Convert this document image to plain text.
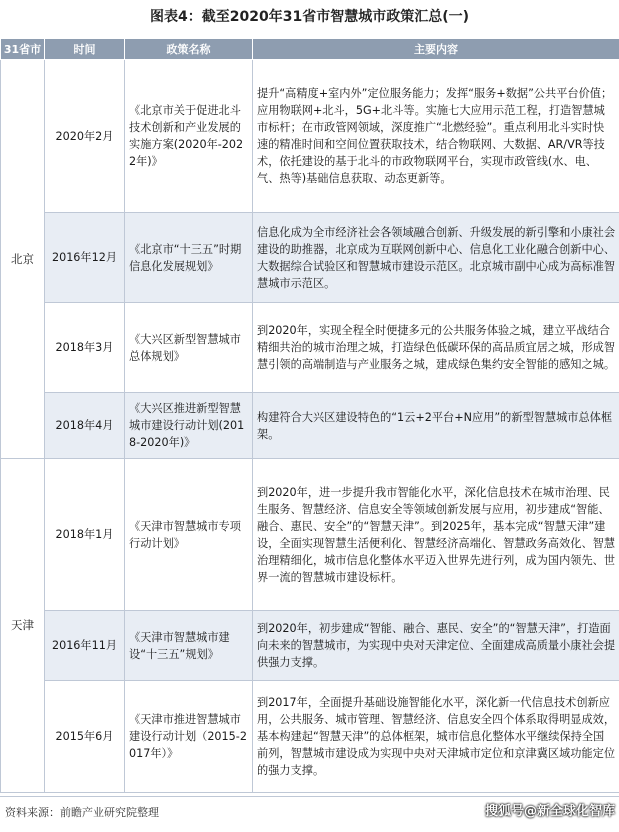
图表4：截至2020年31省市智慧城市政策汇总(一)
31省市	时间	政策名称	主要内容
北京	2020年2月	《北京市关于促进北斗技术创新和产业发展的实施方案(2020年-2022年)》	提升“高精度+室内外”定位服务能力；发挥“服务+数据”公共平台价值；应用物联网+北斗，5G+北斗等。实施七大应用示范工程，打造智慧城市标杆；在市政管网领域，深度推广“北燃经验”。重点利用北斗实时快速的精准时间和空间位置获取技术，结合物联网、大数据、AR/VR等技术，依托建设的基于北斗的市政物联网平台，实现市政管线(水、电、气、热等)基础信息获取、动态更新等。
	2016年12月	《北京市“十三五”时期信息化发展规划》	信息化成为全市经济社会各领域融合创新、升级发展的新引擎和小康社会建设的助推器，北京成为互联网创新中心、信息化工业化融合创新中心、大数据综合试验区和智慧城市建设示范区。北京城市副中心成为高标准智慧城市示范区。
	2018年3月	《大兴区新型智慧城市总体规划》	到2020年，实现全程全时便捷多元的公共服务体验之城，建立平战结合精细共治的城市治理之城，打造绿色低碳环保的高品质宜居之城，形成智慧引领的高端制造与产业服务之城，建成绿色集约安全智能的感知之城。
	2018年4月	《大兴区推进新型智慧城市建设行动计划(2018-2020年)》	构建符合大兴区建设特色的“1云+2平台+N应用”的新型智慧城市总体框架。
天津	2018年1月	《天津市智慧城市专项行动计划》	到2020年，进一步提升我市智能化水平，深化信息技术在城市治理、民生服务、智慧经济、信息安全等领域创新发展与应用，初步建成“智能、融合、惠民、安全”的“智慧天津”。到2025年，基本完成“智慧天津”建设，全面实现智慧生活便利化、智慧经济高端化、智慧政务高效化、智慧治理精细化，城市信息化整体水平迈入世界先进行列，成为国内领先、世界一流的智慧城市建设标杆。
	2016年11月	《天津市智慧城市建设“十三五”规划》	到2020年，初步建成“智能、融合、惠民、安全”的“智慧天津”，打造面向未来的智慧城市，为实现中央对天津定位、全面建成高质量小康社会提供强力支撑。
	2015年6月	《天津市推进智慧城市建设行动计划（2015-2017年）》	到2017年，全面提升基础设施智能化水平，深化新一代信息技术创新应用，公共服务、城市管理、智慧经济、信息安全四个体系取得明显成效，基本构建起“智慧天津”的总体框架，城市信息化整体水平继续保持全国前列，智慧城市建设成为实现中央对天津城市定位和京津冀区域功能定位的强力支撑。
资料来源：前瞻产业研究院整理	搜狐号@新全球化智库
